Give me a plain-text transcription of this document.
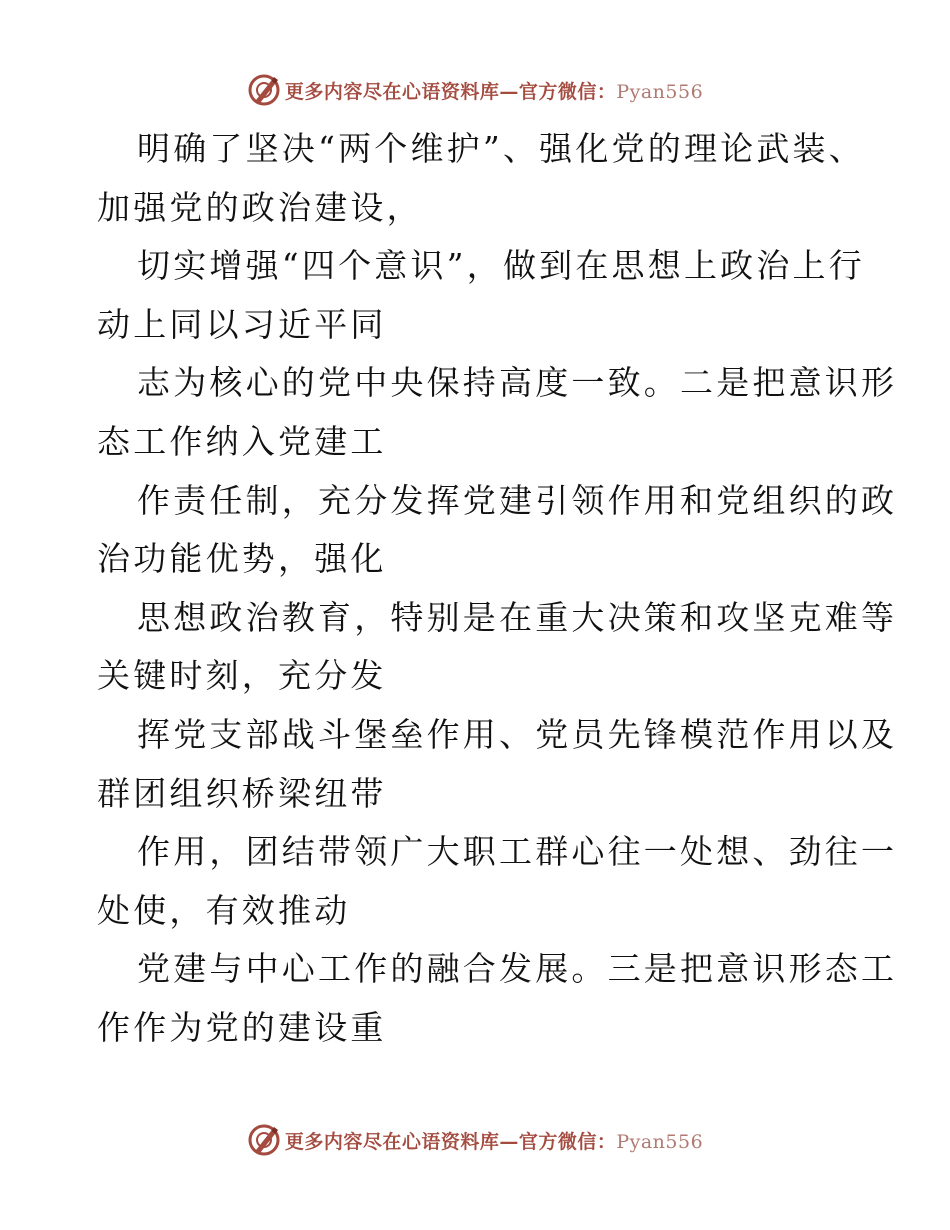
更多内容尽在心语资料库—官方微信：Pyan556
明确了坚决“两个维护”、强化党的理论武装、
加强党的政治建设，
切实增强“四个意识”，做到在思想上政治上行
动上同以习近平同
志为核心的党中央保持高度一致。二是把意识形
态工作纳入党建工
作责任制，充分发挥党建引领作用和党组织的政
治功能优势，强化
思想政治教育，特别是在重大决策和攻坚克难等
关键时刻，充分发
挥党支部战斗堡垒作用、党员先锋模范作用以及
群团组织桥梁纽带
作用，团结带领广大职工群心往一处想、劲往一
处使，有效推动
党建与中心工作的融合发展。三是把意识形态工
作作为党的建设重
更多内容尽在心语资料库—官方微信：Pyan556
